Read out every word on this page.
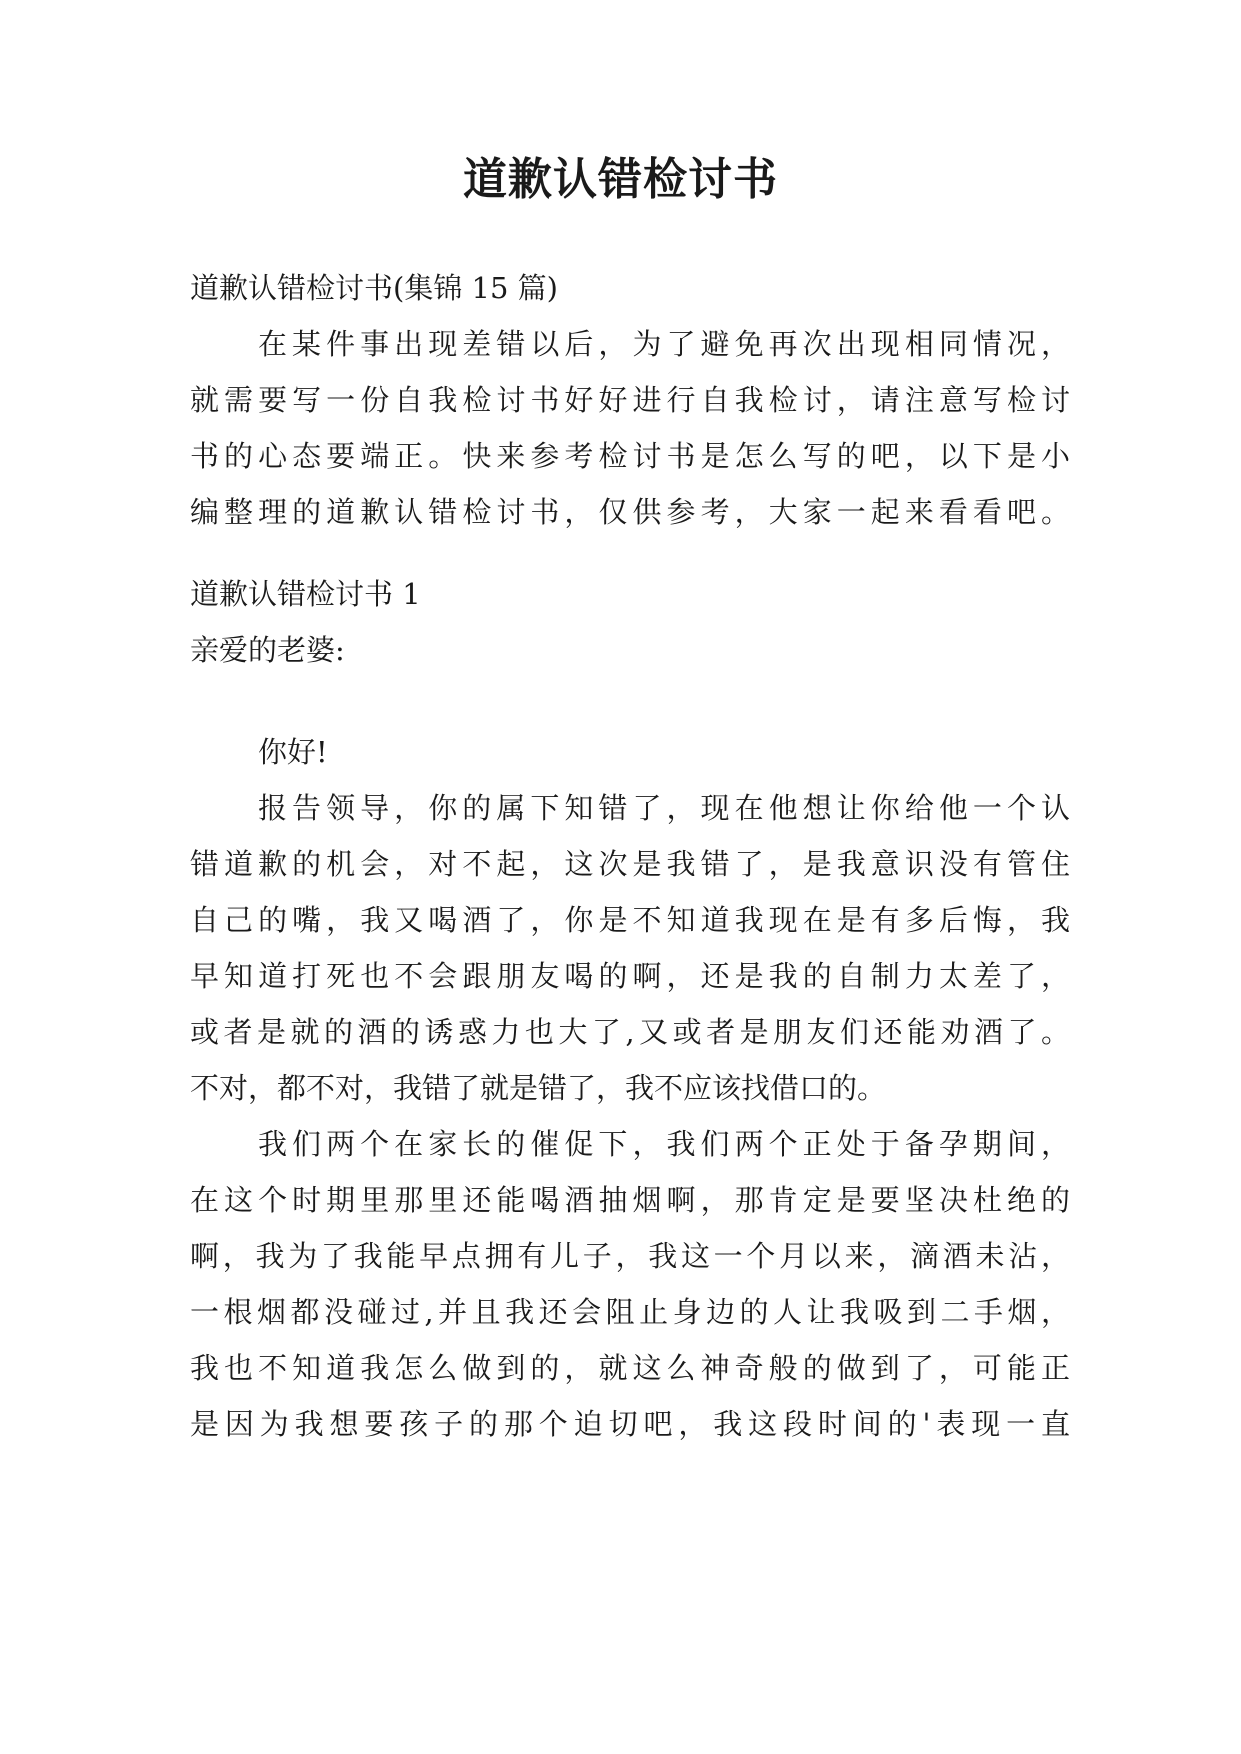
道歉认错检讨书
道歉认错检讨书(集锦 15 篇)
在某件事出现差错以后，为了避免再次出现相同情况，
就需要写一份自我检讨书好好进行自我检讨，请注意写检讨
书的心态要端正。快来参考检讨书是怎么写的吧，以下是小
编整理的道歉认错检讨书，仅供参考，大家一起来看看吧。
道歉认错检讨书 1
亲爱的老婆:
你好!
报告领导，你的属下知错了，现在他想让你给他一个认
错道歉的机会，对不起，这次是我错了，是我意识没有管住
自己的嘴，我又喝酒了，你是不知道我现在是有多后悔，我
早知道打死也不会跟朋友喝的啊，还是我的自制力太差了，
或者是就的酒的诱惑力也大了,又或者是朋友们还能劝酒了。
不对，都不对，我错了就是错了，我不应该找借口的。
我们两个在家长的催促下，我们两个正处于备孕期间，
在这个时期里那里还能喝酒抽烟啊，那肯定是要坚决杜绝的
啊，我为了我能早点拥有儿子，我这一个月以来，滴酒未沾，
一根烟都没碰过,并且我还会阻止身边的人让我吸到二手烟，
我也不知道我怎么做到的，就这么神奇般的做到了，可能正
是因为我想要孩子的那个迫切吧，我这段时间的'表现一直
